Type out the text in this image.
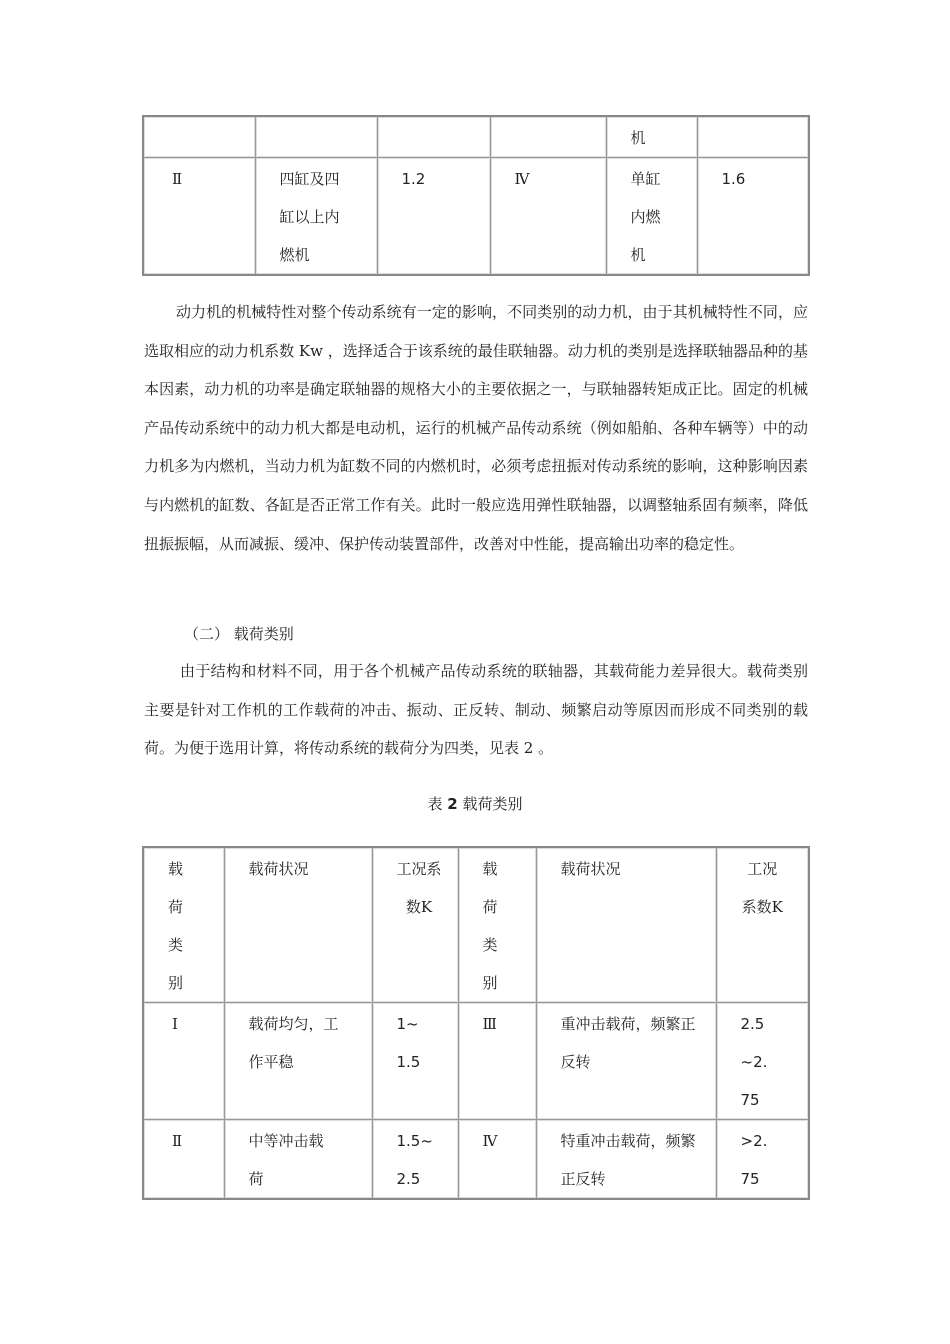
				机	
Ⅱ	四缸及四缸以上内燃机	1.2	Ⅳ	单缸内燃机	1.6

动力机的机械特性对整个传动系统有一定的影响，不同类别的动力机，由于其机械特性不同，应选取相应的动力机系数 Kw ，选择适合于该系统的最佳联轴器。动力机的类别是选择联轴器品种的基本因素，动力机的功率是确定联轴器的规格大小的主要依据之一，与联轴器转矩成正比。固定的机械产品传动系统中的动力机大都是电动机，运行的机械产品传动系统（例如船舶、各种车辆等）中的动力机多为内燃机，当动力机为缸数不同的内燃机时，必须考虑扭振对传动系统的影响，这种影响因素与内燃机的缸数、各缸是否正常工作有关。此时一般应选用弹性联轴器，以调整轴系固有频率，降低扭振振幅，从而减振、缓冲、保护传动装置部件，改善对中性能，提高输出功率的稳定性。

（二） 载荷类别

由于结构和材料不同，用于各个机械产品传动系统的联轴器，其载荷能力差异很大。载荷类别主要是针对工作机的工作载荷的冲击、振动、正反转、制动、频繁启动等原因而形成不同类别的载荷。为便于选用计算，将传动系统的载荷分为四类，见表 2 。

表 2 载荷类别
载荷类别	载荷状况	工况系数K	载荷类别	载荷状况	工况系数K
Ⅰ	载荷均匀，工作平稳	1~1.5	Ⅲ	重冲击载荷，频繁正反转	2.5~2.75
Ⅱ	中等冲击载荷	1.5~2.5	Ⅳ	特重冲击载荷，频繁正反转	>2.75
